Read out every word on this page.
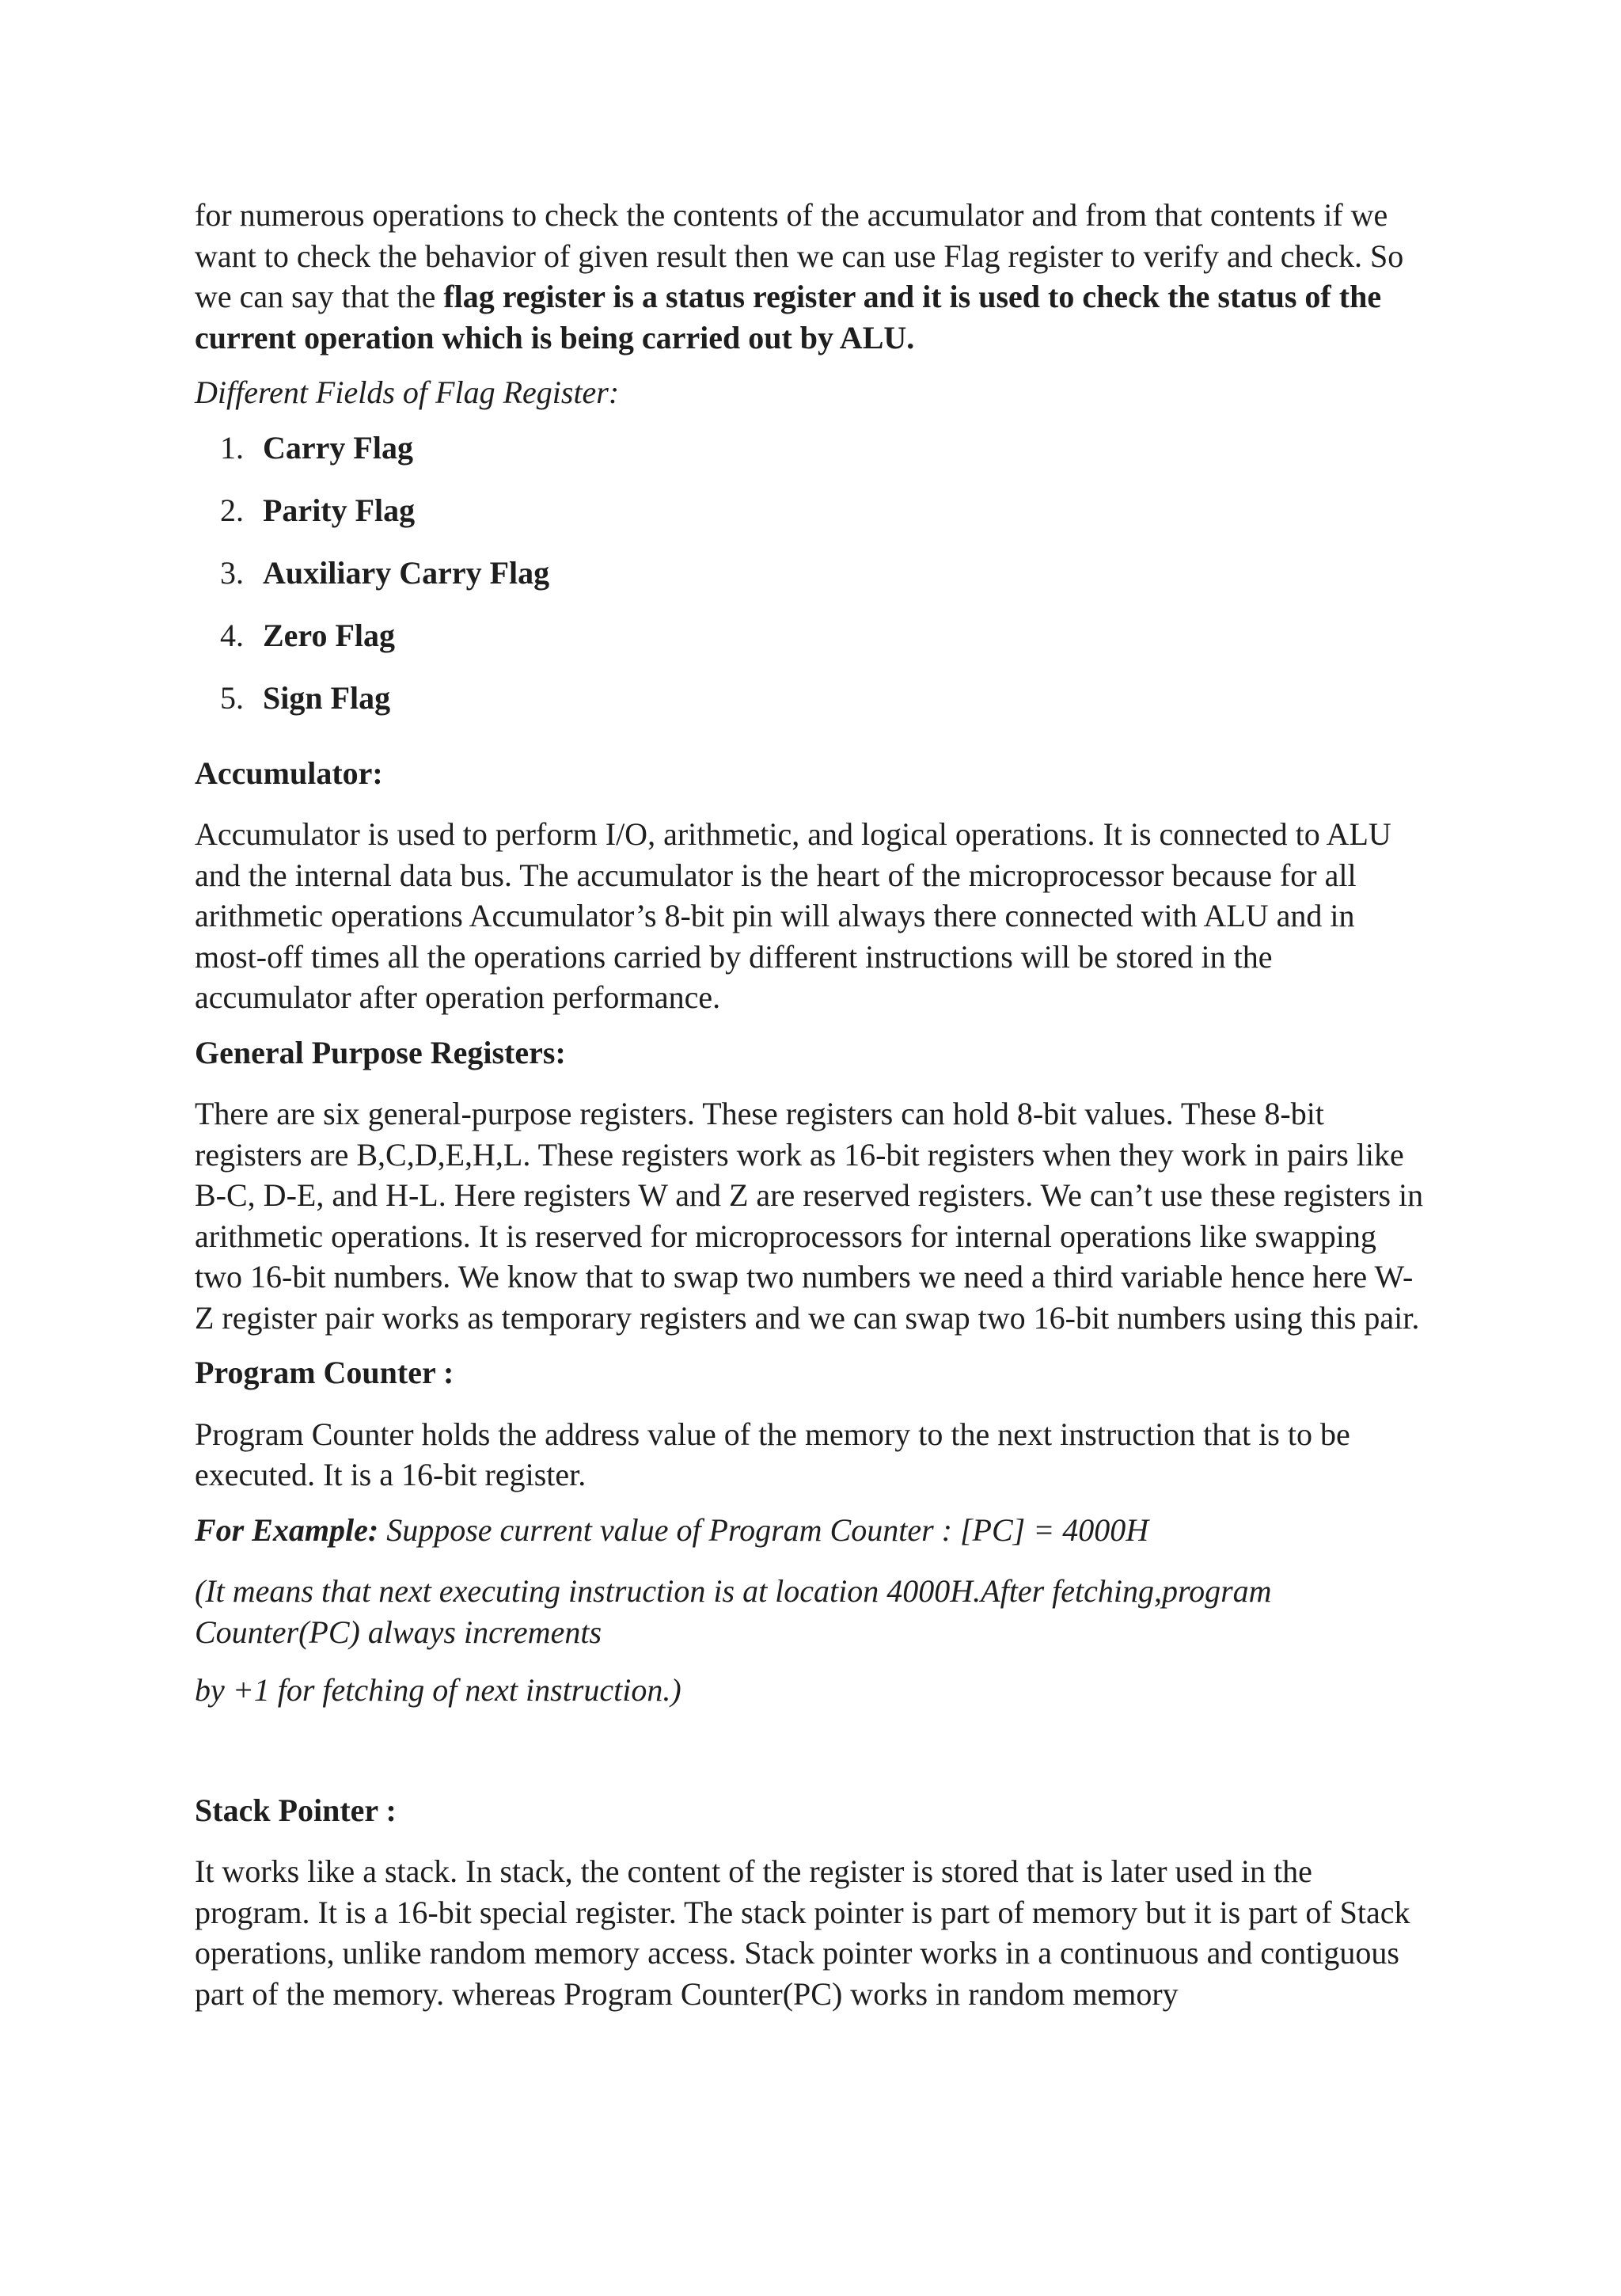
for numerous operations to check the contents of the accumulator and from that contents if we want to check the behavior of given result then we can use Flag register to verify and check. So we can say that the flag register is a status register and it is used to check the status of the current operation which is being carried out by ALU.

Different Fields of Flag Register:

1. Carry Flag
2. Parity Flag
3. Auxiliary Carry Flag
4. Zero Flag
5. Sign Flag

Accumulator:

Accumulator is used to perform I/O, arithmetic, and logical operations. It is connected to ALU and the internal data bus. The accumulator is the heart of the microprocessor because for all arithmetic operations Accumulator’s 8-bit pin will always there connected with ALU and in most-off times all the operations carried by different instructions will be stored in the accumulator after operation performance.

General Purpose Registers:

There are six general-purpose registers. These registers can hold 8-bit values. These 8-bit registers are B,C,D,E,H,L. These registers work as 16-bit registers when they work in pairs like B-C, D-E, and H-L. Here registers W and Z are reserved registers. We can’t use these registers in arithmetic operations. It is reserved for microprocessors for internal operations like swapping two 16-bit numbers. We know that to swap two numbers we need a third variable hence here W-Z register pair works as temporary registers and we can swap two 16-bit numbers using this pair.

Program Counter :

Program Counter holds the address value of the memory to the next instruction that is to be executed. It is a 16-bit register.

For Example: Suppose current value of Program Counter : [PC] = 4000H

(It means that next executing instruction is at location 4000H.After fetching,program Counter(PC) always increments

by +1 for fetching of next instruction.)

Stack Pointer :

It works like a stack. In stack, the content of the register is stored that is later used in the program. It is a 16-bit special register. The stack pointer is part of memory but it is part of Stack operations, unlike random memory access. Stack pointer works in a continuous and contiguous part of the memory. whereas Program Counter(PC) works in random memory
